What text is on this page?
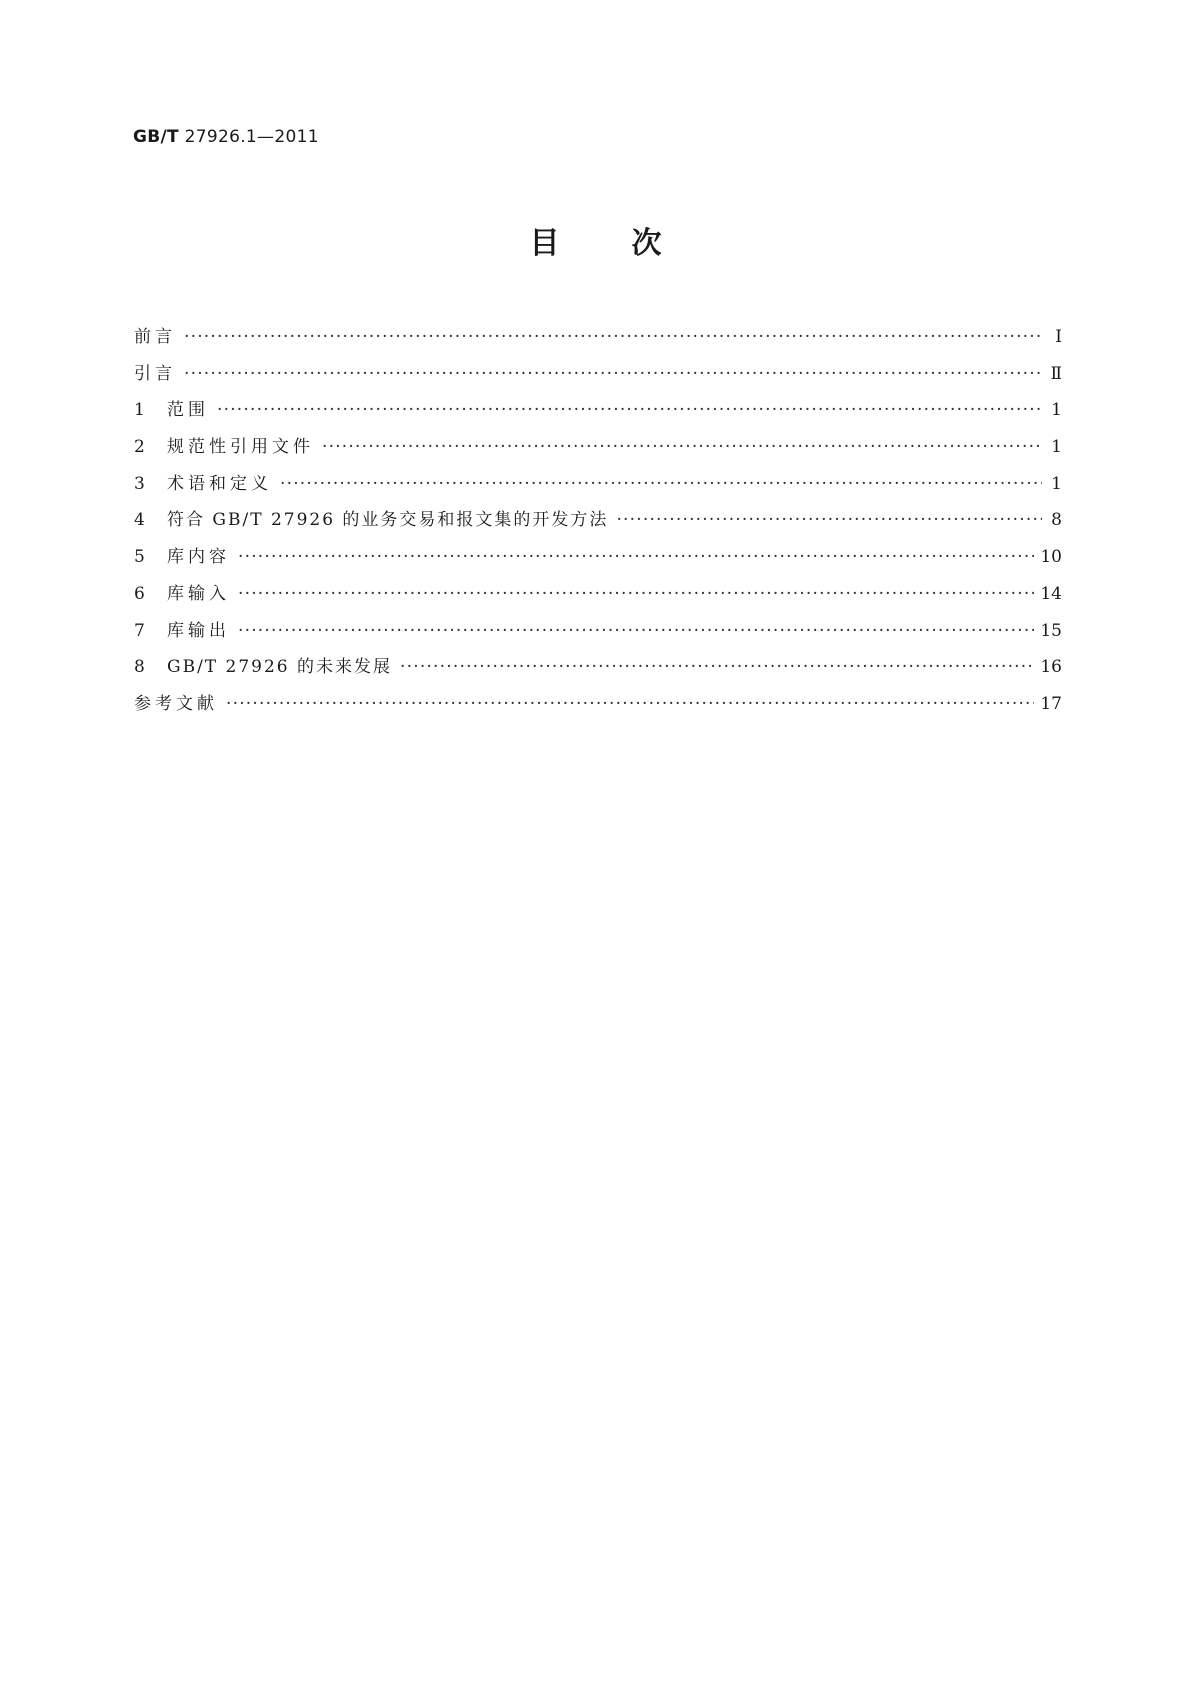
GB/T 27926.1—2011
目 次
前言 ·····	Ⅰ
引言 ·····	Ⅱ
1	范围 ·····	1
2	规范性引用文件 ·····	1
3	术语和定义 ·····	1
4	符合 GB/T 27926 的业务交易和报文集的开发方法 ·····	8
5	库内容 ·····	10
6	库输入 ·····	14
7	库输出 ·····	15
8	GB/T 27926 的未来发展 ·····	16
参考文献 ·····	17
